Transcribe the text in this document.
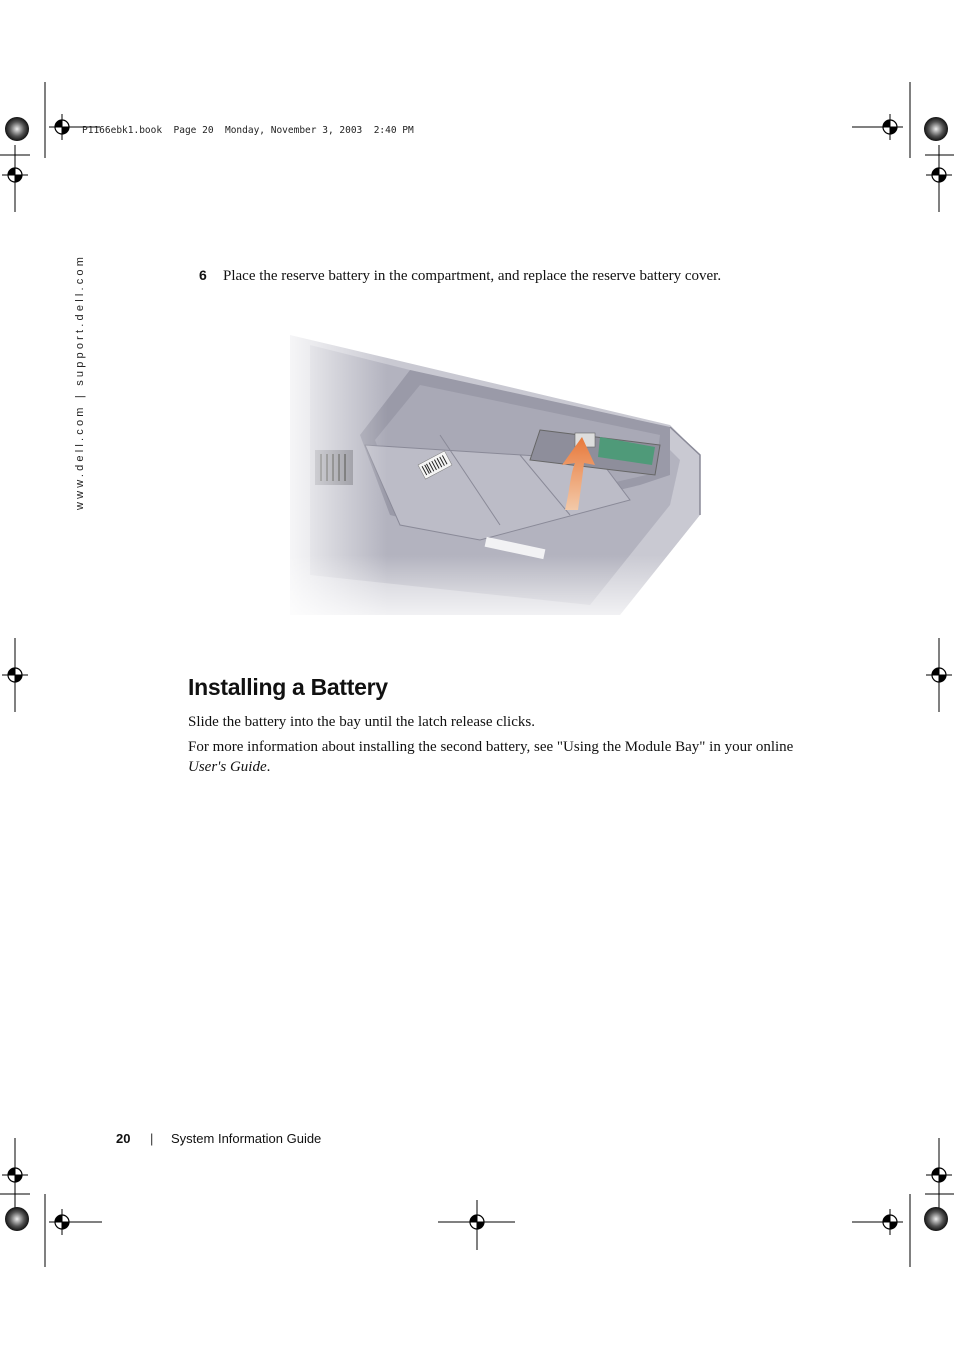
P1166ebk1.book  Page 20  Monday, November 3, 2003  2:40 PM
www.dell.com | support.dell.com	6 Place the reserve battery in the compartment, and replace the reserve battery cover.
Installing a Battery
Slide the battery into the bay until the latch release clicks.
For more information about installing the second battery, see "Using the Module Bay" in your online User's Guide.
20 | System Information Guide
